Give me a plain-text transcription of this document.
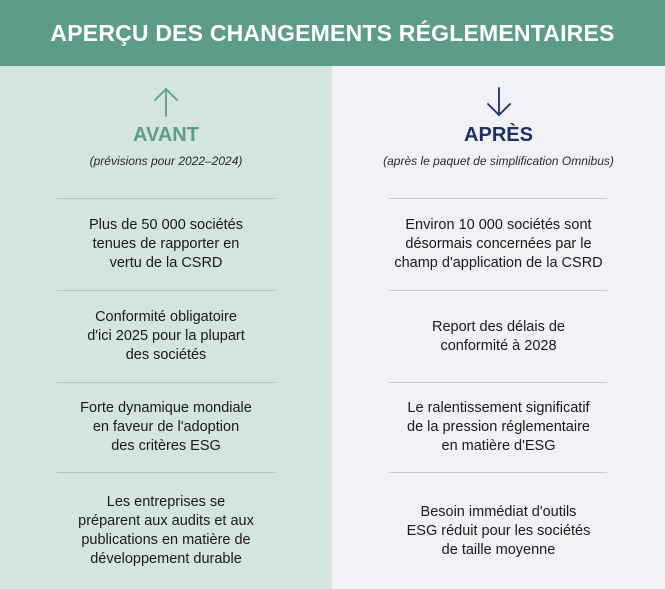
APERÇU DES CHANGEMENTS RÉGLEMENTAIRES
AVANT
(prévisions pour 2022–2024)
Plus de 50 000 sociétés
tenues de rapporter en
vertu de la CSRD
Conformité obligatoire
d'ici 2025 pour la plupart
des sociétés
Forte dynamique mondiale
en faveur de l'adoption
des critères ESG
Les entreprises se
préparent aux audits et aux
publications en matière de
développement durable
APRÈS
(après le paquet de simplification Omnibus)
Environ 10 000 sociétés sont
désormais concernées par le
champ d'application de la CSRD
Report des délais de
conformité à 2028
Le ralentissement significatif
de la pression réglementaire
en matière d'ESG
Besoin immédiat d'outils
ESG réduit pour les sociétés
de taille moyenne
